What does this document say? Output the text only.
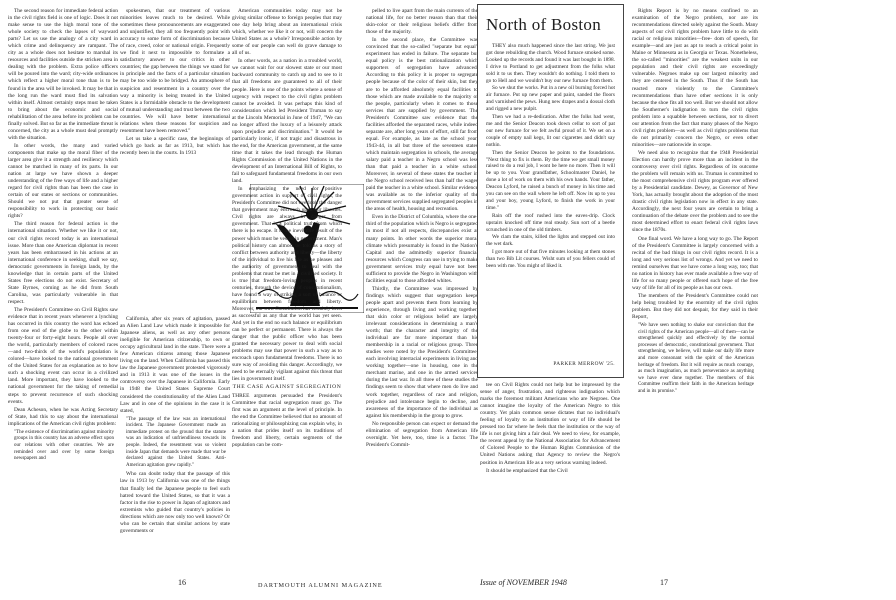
The second reason for immediate federal action in the civil rights field is one of logic. Does it not make sense to use the high moral tone of the whole society to check the lapses of wayward parts? Let us use the analogy of a city ward in which crime and delinquency are rampant. The city as a whole does not hesitate to marshal its resources and facilities outside the stricken area in dealing with the problem. Extra police officers will be poured into the ward; city-wide ordinances which reflect a higher moral tone than is to be found in the area will be invoked. It may be that in the long run the ward must find its salvation within itself. Almost certainly steps must be taken to bring about the economic and social rehabilitation of the area before its problem can be finally solved. But so far as the immediate threat is concerned, the city as a whole must deal promptly with the situation.

In other words, the many and varied components that make up the moral fiber of the larger area give it a strength and resiliency which cannot be matched in many of its parts. In our nation at large we have shown a deeper understanding of the free ways of life and a higher regard for civil rights than has been the case in certain of our states or sections or communities. Should we not put that greater sense of responsibility to work in protecting our basic rights?

The third reason for federal action is the international situation. Whether we like it or not, our civil rights record today is an international issue. More than one American diplomat in recent years has been embarrassed in his actions at an international conference in seeking, shall we say, democratic governments in foreign lands, by the knowledge that in certain parts of the United States free elections do not exist. Secretary of State Byrnes, coming as he did from South Carolina, was particularly vulnerable in that respect.

The President's Committee on Civil Rights saw evidence that in recent years whenever a lynching has occurred in this country the word has echoed from one end of the globe to the other within twenty-four or forty-eight hours. People all over the world, particularly members of colored races—and two-thirds of the world's population is colored—have looked to the national government of the United States for an explanation as to how such a shocking event can occur in a civilized land. More important, they have looked to the national government for the taking of remedial steps to prevent recurrence of such shocking events.

Dean Acheson, when he was Acting Secretary of State, had this to say about the international implications of the American civil rights problem:

"The existence of discrimination against minority groups in this country has an adverse effect upon our relations with other countries. We are reminded over and over by some foreign newspapers and

spokesmen, that our treatment of various minorities leaves much to be desired. While sometimes these pronouncements are exaggerated and unjustified, they all too frequently point with accuracy to some form of discrimination because of race, creed, color or national origin. Frequently we find it next to impossible to formulate a satisfactory answer to our critics in other countries; the gap between the things we stand for in principle and the facts of a particular situation may be too wide to be bridged. An atmosphere of suspicion and resentment in a country over the way a minority is being treated in the United States is a formidable obstacle to the development of mutual understanding and trust between the two countries. We will have better international relations when these reasons for suspicion and resentment have been removed."

Let us take a specific case, the beginnings of which go back as far as 1913, but which has recently been in the courts. In 1913

California, after six years of agitation, passed an Alien Land Law which made it impossible for Japanese aliens, as well as any other persons ineligible for American citizenship, to own or occupy agricultural land in the state. There were a few American citizens among those Japanese living on the land. When California has passed this law the Japanese government protested vigorously and in 1913 it was one of the issues in the controversy over the Japanese in California. Early in 1948 the United States Supreme Court considered the constitutionality of the Alien Land Law and in one of the opinions in the case it is stated,

"The passage of the law was an international incident. The Japanese Government made an immediate protest on the ground that the statute was an indication of unfriendliness towards its people. Indeed, the resentment was so violent inside Japan that demands were made that war be declared against the United States. Anti-American agitation grew rapidly."

Who can doubt today that the passage of this law in 1913 by California was one of the things that finally led the Japanese people to feel such hatred toward the United States, so that it was a factor in the rise to power in Japan of agitators and extremists who guided that country's policies in directions which are now only too well known? Or who can be certain that similar actions by state governments or

American communities today may not be giving similar offense to foreign peoples that may one day help bring about an international crisis which, whether we like it or not, will concern the United States as a whole? Irresponsible action by some of our people can well do grave damage to all of us.

In other words, as a nation in a troubled world, we cannot wait for our slowest state or our most backward community to catch up and to see to it that all freedoms are guaranteed to all of their people. Here is one of the points where a sense of urgency with respect to the civil rights problem cannot be avoided. It was perhaps this kind of consideration which led President Truman to say at the Lincoln Memorial in June of 1947, "We can no longer afford the luxury of a leisurely attack upon prejudice and discrimination." It would be particularly ironic, if not tragic and disastrous in the end, for the American government, at the same time that it takes the lead through the Human Rights Commission of the United Nations in the development of an International Bill of Rights, to fail to safeguard fundamental freedoms in our own land.

In emphasizing the need for positive government action in support of civil rights, the President's Committee did not overlook the danger that government may encroach upon our liberties. Civil rights are always in danger from government. That is a political truth from which there is no escape. It is the inevitable result of the power which must be vested in government. Man's political history can almost be told as a story of conflict between authority and liberty—the liberty of the individual to live his life as he pleases and the authority of government to deal with the problems that must be met in a civilized society. It is true that freedom-loving peoples in recent centuries, through the device of constitutionalism, have found a way of striking a sort of balance or equilibrium between freedom and liberty. Moreover, our own Constitution has certainly been as successful as any that the world has yet seen. And yet in the end no such balance or equilibrium can be perfect or permanent. There is always the danger that the public officer who has been granted the necessary power to deal with social problems may use that power in such a way as to encroach upon fundamental freedoms. There is no sure way of avoiding this danger. Accordingly, we need to be eternally vigilant against this threat that lies in government itself.

THE CASE AGAINST SEGREGATION

THREE arguments persuaded the President's Committee that racial segregation must go. The first was an argument at the level of principle. In the end the Committee believed that no amount of rationalizing or philosophizing can explain why, in a nation that prides itself on its traditions of freedom and liberty, certain segments of the population can be com-

16	DARTMOUTH ALUMNI MAGAZINE

pelled to live apart from the main currents of the national life, for no better reason than that their skin-color or their religious beliefs differ from those of the majority.

In the second place, the Committee was convinced that the so-called "separate but equal" experiment has ended in failure. The separate but equal policy is the best rationalization which supporters of segregation have advanced. According to this policy it is proper to segregate people because of the color of their skin, but they are to be afforded absolutely equal facilities to those which are made available to the majority of the people, particularly when it comes to those services that are supplied by government. The President's Committee saw evidence that the facilities afforded the separated races, while indeed separate are, after long years of effort, still far from equal. For example, as late as the school year, 1943-44, in all but three of the seventeen states which maintain segregation in schools, the average salary paid a teacher in a Negro school was less than that paid a teacher in a white school. Moreover, in several of these states the teacher in the Negro school received less than half the wages paid the teacher in a white school. Similar evidence was available as to the inferior quality of the government services supplied segregated peoples in the areas of health, housing and recreation.

Even in the District of Columbia, where the one-third of the population which is Negro is segregated in most if not all respects, discrepancies exist at many points. In other words the superior moral climate which presumably is found in the Nation's Capital and the admittedly superior financial resources which Congress can use in trying to make government services truly equal have not been sufficient to provide the Negro in Washington with facilities equal to those afforded whites.

Thirdly, the Committee was impressed by findings which suggest that segregation keeps people apart and prevents them from learning by experience, through living and working together, that skin color or religious belief are largely irrelevant considerations in determining a man's worth; that the character and integrity of the individual are far more important than his membership in a racial or religious group. Three studies were noted by the President's Committee, each involving interracial experiments in living and working together—one in housing, one in the merchant marine, and one in the armed services during the last war. In all three of these studies the findings seem to show that where men do live and work together, regardless of race and religion, prejudice and intolerance begin to decline, and awareness of the importance of the individual as against his membership in the group to grow.

No responsible person can expect or demand the elimination of segregation from American life overnight. Yet here, too, time is a factor. The President's Commit-

North of Boston

THEY also much happened since the last string. We just got done rebuilding the church. Wood furnace smoked some. Looked up the records and found it was last bought in 1898. I drive to Portland to get adjustment from the folks what sold it to us then. They wouldn't do nothing. I told them to go to Hell and we wouldn't buy our new furnace from them.

So we shut the works. Put in a new oil burning forced hot air furnace. Put up new paper and paint, sanded the floors and varnished the pews. Hung new drapes and a dossal cloth and rigged a new pulpit.

Then we had a re-dedication. After the folks had went, me and the Senior Deacon took down cellar to sort of pat our new furnace for we felt awful proud of it. We set on a couple of empty nail kegs, lit our cigarettes and didn't say nothin.

Then the Senior Deacon he points to the foundations. "Next thing to fix is them. By the time we get small money raised to do a real job, I wont be here no more. Then it will be up to you. Your grandfather, Schoolmaster Daniel, he done a lot of work on them with his own hands. Your father, Deacon Lyford, he raised a bunch of money in his time and you can see on the wall where he left off. Now its up to you and your boy, young Lyford, to finish the work in your time."

Rain off the roof rushed into the eaves-drip. Clock upstairs knocked off time real steady. Sun sort of a beetle scrunched in one of the old timbers.

We clam the stairs, killed the lights and stepped out into the wet dark.

I got more out of that five minutes looking at them stones than two Bib Lit courses. Wisht sum of you fellers could of been with me. You might of liked it.

PARKER MERROW '25.

tee on Civil Rights could not help but be impressed by the sense of anger, frustration, and righteous indignation which marks the foremost militant Americans who are Negroes. One cannot imagine the loyalty of the American Negro to this country. Yet plain common sense dictates that no individual's feeling of loyalty to an institution or way of life should be pressed too far where he feels that the institution or the way of life is not giving him a fair deal. We need to view, for example, the recent appeal by the National Association for Advancement of Colored People to the Human Rights Commission of the United Nations asking that Agency to review the Negro's position in American life as a very serious warning indeed.

It should be emphasized that the Civil

Rights Report is by no means confined to an examination of the Negro problem, nor are its recommendations directed solely against the South. Many aspects of our civil rights problem have little to do with racial or religious minorities—free- dom of speech, for example—and are just as apt to reach a critical point in Maine or Minnesota as in Georgia or Texas. Nonetheless, the so-called "minorities" are the weakest units in our population and their civil rights are exceedingly vulnerable. Negroes make up our largest minority and they are centered in the South. Thus if the South has reacted more violently to the Committee's recommendations than have other sections it is only because the shoe fits all too well. But we should not allow the Southerner's indignation to turn the civil rights problem into a squabble between sections, nor to divert our attention from the fact that many phases of the Negro civil rights problem—as well as civil rights problems that do not primarily concern the Negro, or even other minorities—are nationwide in scope.

We need also to recognize that the 1948 Presidential Election can hardly prove more than an incident in the controversy over civil rights. Regardless of its outcome the problem will remain with us. Truman is committed to the most comprehensive civil rights program ever offered by a Presidential candidate. Dewey, as Governor of New York, has actually brought about the adoption of the most drastic civil rights legislation now in effect in any state. Accordingly, the next four years are certain to bring a continuation of the debate over the problem and to see the most determined effort to enact federal civil rights laws since the 1870s.

One final word. We have a long way to go. The Report of the President's Committee is largely concerned with a recital of the bad things in our civil rights record. It is a long and very serious list of wrongs. And yet we need to remind ourselves that we have come a long way, too; that no nation in history has ever made available a free way of life for so many people or offered such hope of the free way of life for all of its people as has our own.

The members of the President's Committee could not help being troubled by the enormity of the civil rights problem. But they did not despair, for they said in their Report,

"We have seen nothing to shake our conviction that the civil rights of the American people—all of them—can be strengthened quickly and effectively by the normal processes of democratic, constitutional government. That strengthening, we believe, will make our daily life more and more consonant with the spirit of the American heritage of freedom. But it will require as much courage, as much imagination, as much perseverance as anything we have ever done together. The members of this Committee reaffirm their faith in the American heritage and in its promise."

Issue of NOVEMBER 1948	17
